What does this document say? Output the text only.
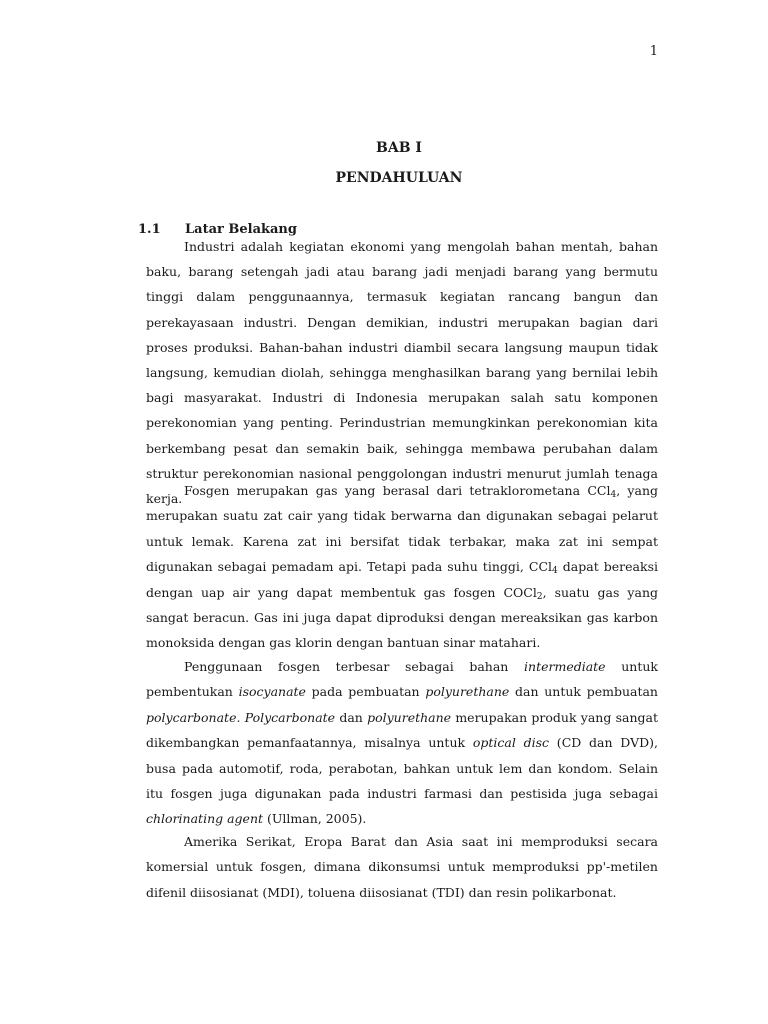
1
BAB I
PENDAHULUAN
1.1 Latar Belakang

Industri adalah kegiatan ekonomi yang mengolah bahan mentah, bahan baku, barang setengah jadi atau barang jadi menjadi barang yang bermutu tinggi dalam penggunaannya, termasuk kegiatan rancang bangun dan perekayasaan industri. Dengan demikian, industri merupakan bagian dari proses produksi. Bahan-bahan industri diambil secara langsung maupun tidak langsung, kemudian diolah, sehingga menghasilkan barang yang bernilai lebih bagi masyarakat. Industri di Indonesia merupakan salah satu komponen perekonomian yang penting. Perindustrian memungkinkan perekonomian kita berkembang pesat dan semakin baik, sehingga membawa perubahan dalam struktur perekonomian nasional penggolongan industri menurut jumlah tenaga kerja.

Fosgen merupakan gas yang berasal dari tetraklorometana CCl$_4$, yang merupakan suatu zat cair yang tidak berwarna dan digunakan sebagai pelarut untuk lemak. Karena zat ini bersifat tidak terbakar, maka zat ini sempat digunakan sebagai pemadam api. Tetapi pada suhu tinggi, CCl$_4$ dapat bereaksi dengan uap air yang dapat membentuk gas fosgen COCl$_2$, suatu gas yang sangat beracun. Gas ini juga dapat diproduksi dengan mereaksikan gas karbon monoksida dengan gas klorin dengan bantuan sinar matahari.

Penggunaan fosgen terbesar sebagai bahan intermediate untuk pembentukan isocyanate pada pembuatan polyurethane dan untuk pembuatan polycarbonate. Polycarbonate dan polyurethane merupakan produk yang sangat dikembangkan pemanfaatannya, misalnya untuk optical disc (CD dan DVD), busa pada automotif, roda, perabotan, bahkan untuk lem dan kondom. Selain itu fosgen juga digunakan pada industri farmasi dan pestisida juga sebagai chlorinating agent (Ullman, 2005).

Amerika Serikat, Eropa Barat dan Asia saat ini memproduksi secara komersial untuk fosgen, dimana dikonsumsi untuk memproduksi pp'-metilen difenil diisosianat (MDI), toluena diisosianat (TDI) dan resin polikarbonat.
